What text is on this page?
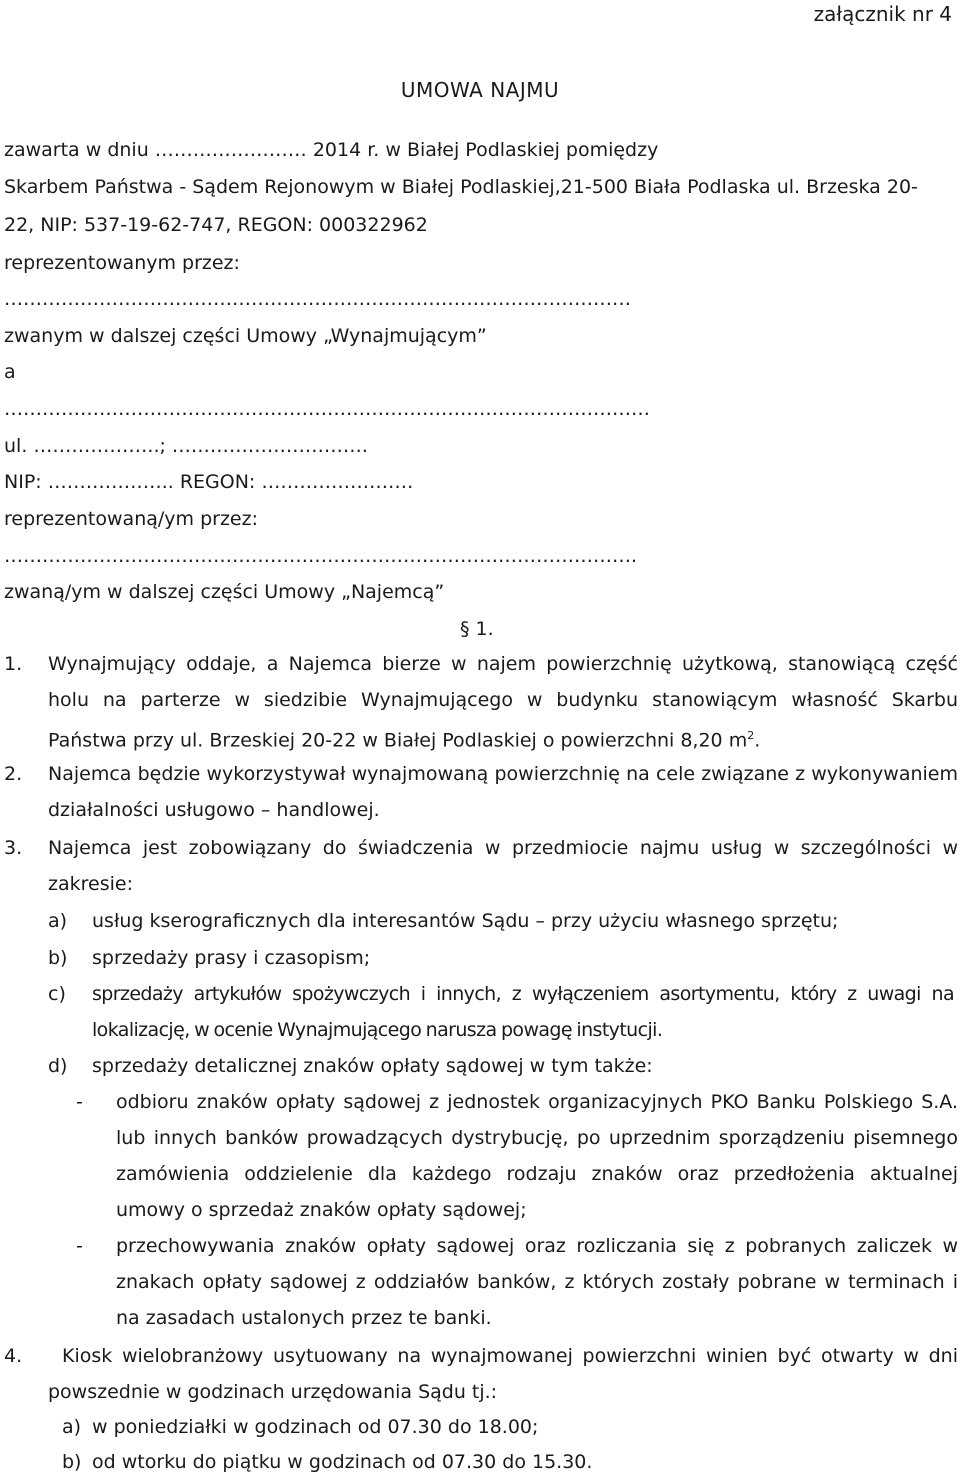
załącznik nr 4
UMOWA NAJMU
zawarta w dniu …………………… 2014 r. w Białej Podlaskiej pomiędzy
Skarbem Państwa - Sądem Rejonowym w Białej Podlaskiej,21-500 Biała Podlaska ul. Brzeska 20-
22, NIP: 537-19-62-747, REGON: 000322962
reprezentowanym przez:
………………………………………………………………………………………
zwanym w dalszej części Umowy „Wynajmującym”
a
…………………………………………………………………………………………
ul. ………………..; ………………………….
NIP: ……………….. REGON: ……………………
reprezentowaną/ym przez:
……………………………………………………………………………………….
zwaną/ym w dalszej części Umowy „Najemcą”
§ 1.
1. Wynajmujący oddaje, a Najemca bierze w najem powierzchnię użytkową, stanowiącą część holu na parterze w siedzibie Wynajmującego w budynku stanowiącym własność Skarbu Państwa przy ul. Brzeskiej 20-22 w Białej Podlaskiej o powierzchni 8,20 $m^2$.
2. Najemca będzie wykorzystywał wynajmowaną powierzchnię na cele związane z wykonywaniem działalności usługowo – handlowej.
3. Najemca jest zobowiązany do świadczenia w przedmiocie najmu usług w szczególności w zakresie:
a) usług kserograficznych dla interesantów Sądu – przy użyciu własnego sprzętu;
b) sprzedaży prasy i czasopism;
c) sprzedaży artykułów spożywczych i innych, z wyłączeniem asortymentu, który z uwagi na lokalizację, w ocenie Wynajmującego narusza powagę instytucji.
d) sprzedaży detalicznej znaków opłaty sądowej w tym także:
- odbioru znaków opłaty sądowej z jednostek organizacyjnych PKO Banku Polskiego S.A. lub innych banków prowadzących dystrybucję, po uprzednim sporządzeniu pisemnego zamówienia oddzielenie dla każdego rodzaju znaków oraz przedłożenia aktualnej umowy o sprzedaż znaków opłaty sądowej;
- przechowywania znaków opłaty sądowej oraz rozliczania się z pobranych zaliczek w znakach opłaty sądowej z oddziałów banków, z których zostały pobrane w terminach i na zasadach ustalonych przez te banki.
4.	Kiosk wielobranżowy usytuowany na wynajmowanej powierzchni winien być otwarty w dni powszednie w godzinach urzędowania Sądu tj.:
a) w poniedziałki w godzinach od 07.30 do 18.00;
b) od wtorku do piątku w godzinach od 07.30 do 15.30.
